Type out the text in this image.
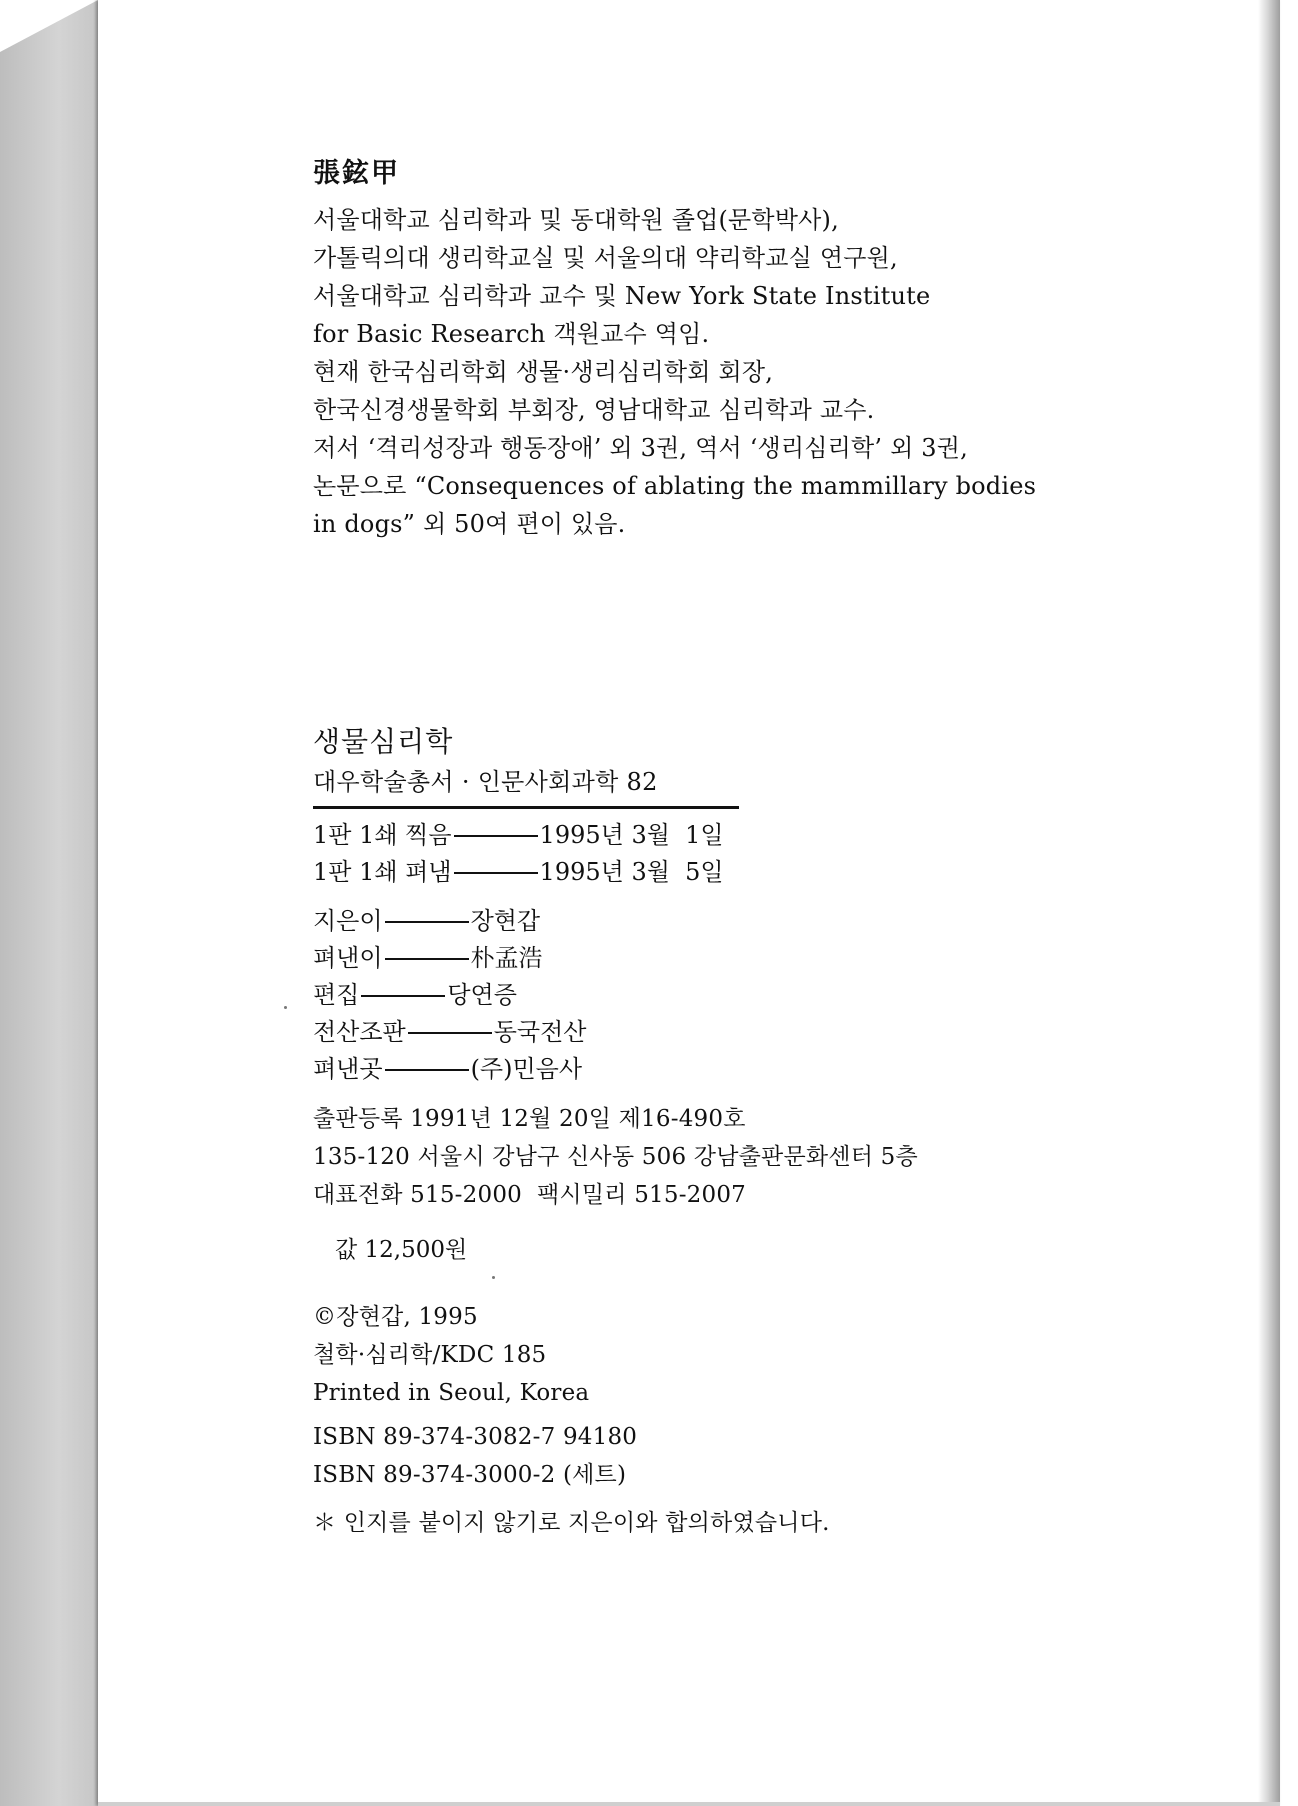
張鉉甲
서울대학교 심리학과 및 동대학원 졸업(문학박사),
가톨릭의대 생리학교실 및 서울의대 약리학교실 연구원,
서울대학교 심리학과 교수 및 New York State Institute
for Basic Research 객원교수 역임.
현재 한국심리학회 생물·생리심리학회 회장,
한국신경생물학회 부회장, 영남대학교 심리학과 교수.
저서 ‘격리성장과 행동장애’ 외 3권, 역서 ‘생리심리학’ 외 3권,
논문으로 “Consequences of ablating the mammillary bodies
in dogs” 외 50여 편이 있음.
생물심리학
대우학술총서 · 인문사회과학 82
1판 1쇄 찍음	1995년 3월  1일
1판 1쇄 펴냄	1995년 3월  5일
지은이	장현갑
펴낸이	朴孟浩
편집	당연증
전산조판	동국전산
펴낸곳	(주)민음사
출판등록 1991년 12월 20일 제16-490호
135-120 서울시 강남구 신사동 506 강남출판문화센터 5층
대표전화 515-2000  팩시밀리 515-2007
값 12,500원
©장현갑, 1995
철학·심리학/KDC 185
Printed in Seoul, Korea
ISBN 89-374-3082-7 94180
ISBN 89-374-3000-2 (세트)
＊ 인지를 붙이지 않기로 지은이와 합의하였습니다.
